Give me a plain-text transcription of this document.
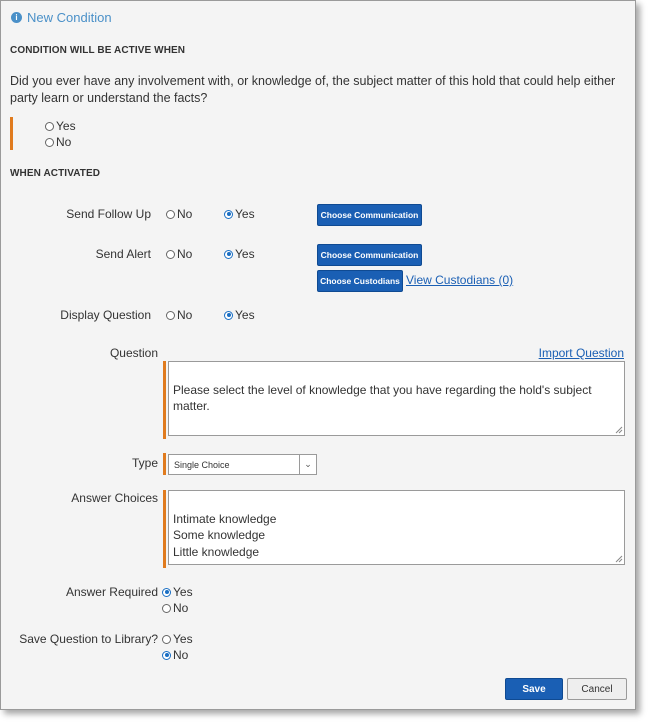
i New Condition
CONDITION WILL BE ACTIVE WHEN
Did you ever have any involvement with, or knowledge of, the subject matter of this hold that could help either party learn or understand the facts?
Yes
No
WHEN ACTIVATED
Send Follow Up No	Yes	Choose Communication
Send Alert No	Yes	Choose Communication
Choose Custodians View Custodians (0)
Display Question No	Yes
Question	Import Question

Please select the level of knowledge that you have regarding the hold's subject matter.

Type	Single Choice	⌄
Answer Choices

Intimate knowledge
Some knowledge
Little knowledge

Answer Required Yes
No
Save Question to Library? Yes
No
Save	Cancel
